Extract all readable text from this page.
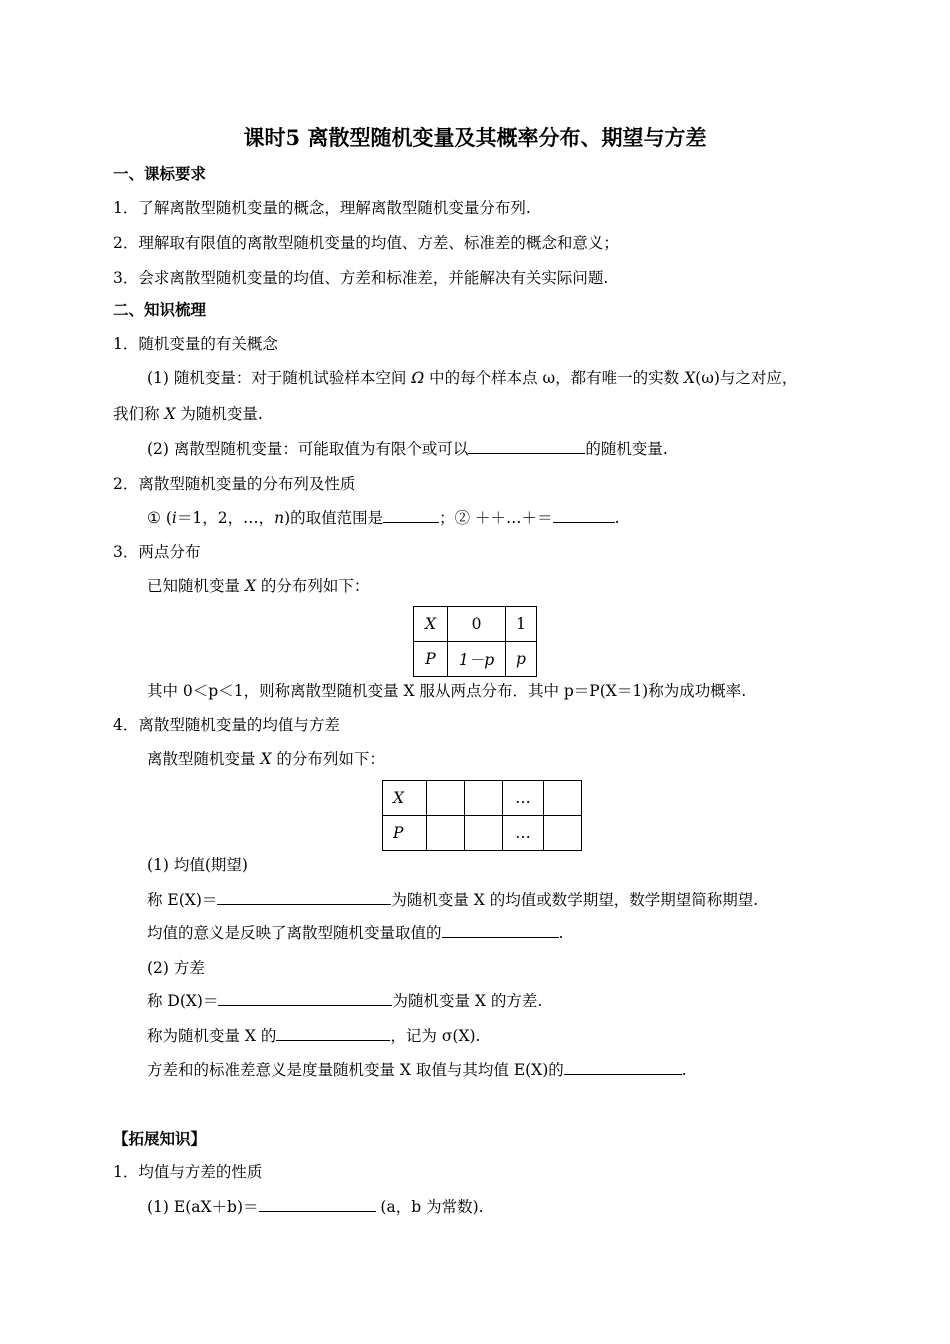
课时5 离散型随机变量及其概率分布、期望与方差
一、课标要求
1．了解离散型随机变量的概念，理解离散型随机变量分布列.
2．理解取有限值的离散型随机变量的均值、方差、标准差的概念和意义；
3．会求离散型随机变量的均值、方差和标准差，并能解决有关实际问题.
二、知识梳理
1．随机变量的有关概念
(1) 随机变量：对于随机试验样本空间 Ω 中的每个样本点 ω，都有唯一的实数 X(ω)与之对应，
我们称 X 为随机变量.
(2) 离散型随机变量：可能取值为有限个或可以	的随机变量.
2．离散型随机变量的分布列及性质
① (i＝1，2，…，n)的取值范围是	；② ＋＋…＋＝	.
3．两点分布
已知随机变量 X 的分布列如下：
X	0	1
P	1－p	p
其中 0＜p＜1，则称离散型随机变量 X 服从两点分布．其中 p＝P(X＝1)称为成功概率.
4．离散型随机变量的均值与方差
离散型随机变量 X 的分布列如下：
X			…	
P			…	
(1) 均值(期望)
称 E(X)＝	为随机变量 X 的均值或数学期望，数学期望简称期望.
均值的意义是反映了离散型随机变量取值的	.
(2) 方差
称 D(X)＝	为随机变量 X 的方差.
称为随机变量 X 的	，记为 σ(X).
方差和的标准差意义是度量随机变量 X 取值与其均值 E(X)的	.
【拓展知识】
1．均值与方差的性质
(1) E(aX＋b)＝	(a，b 为常数).
